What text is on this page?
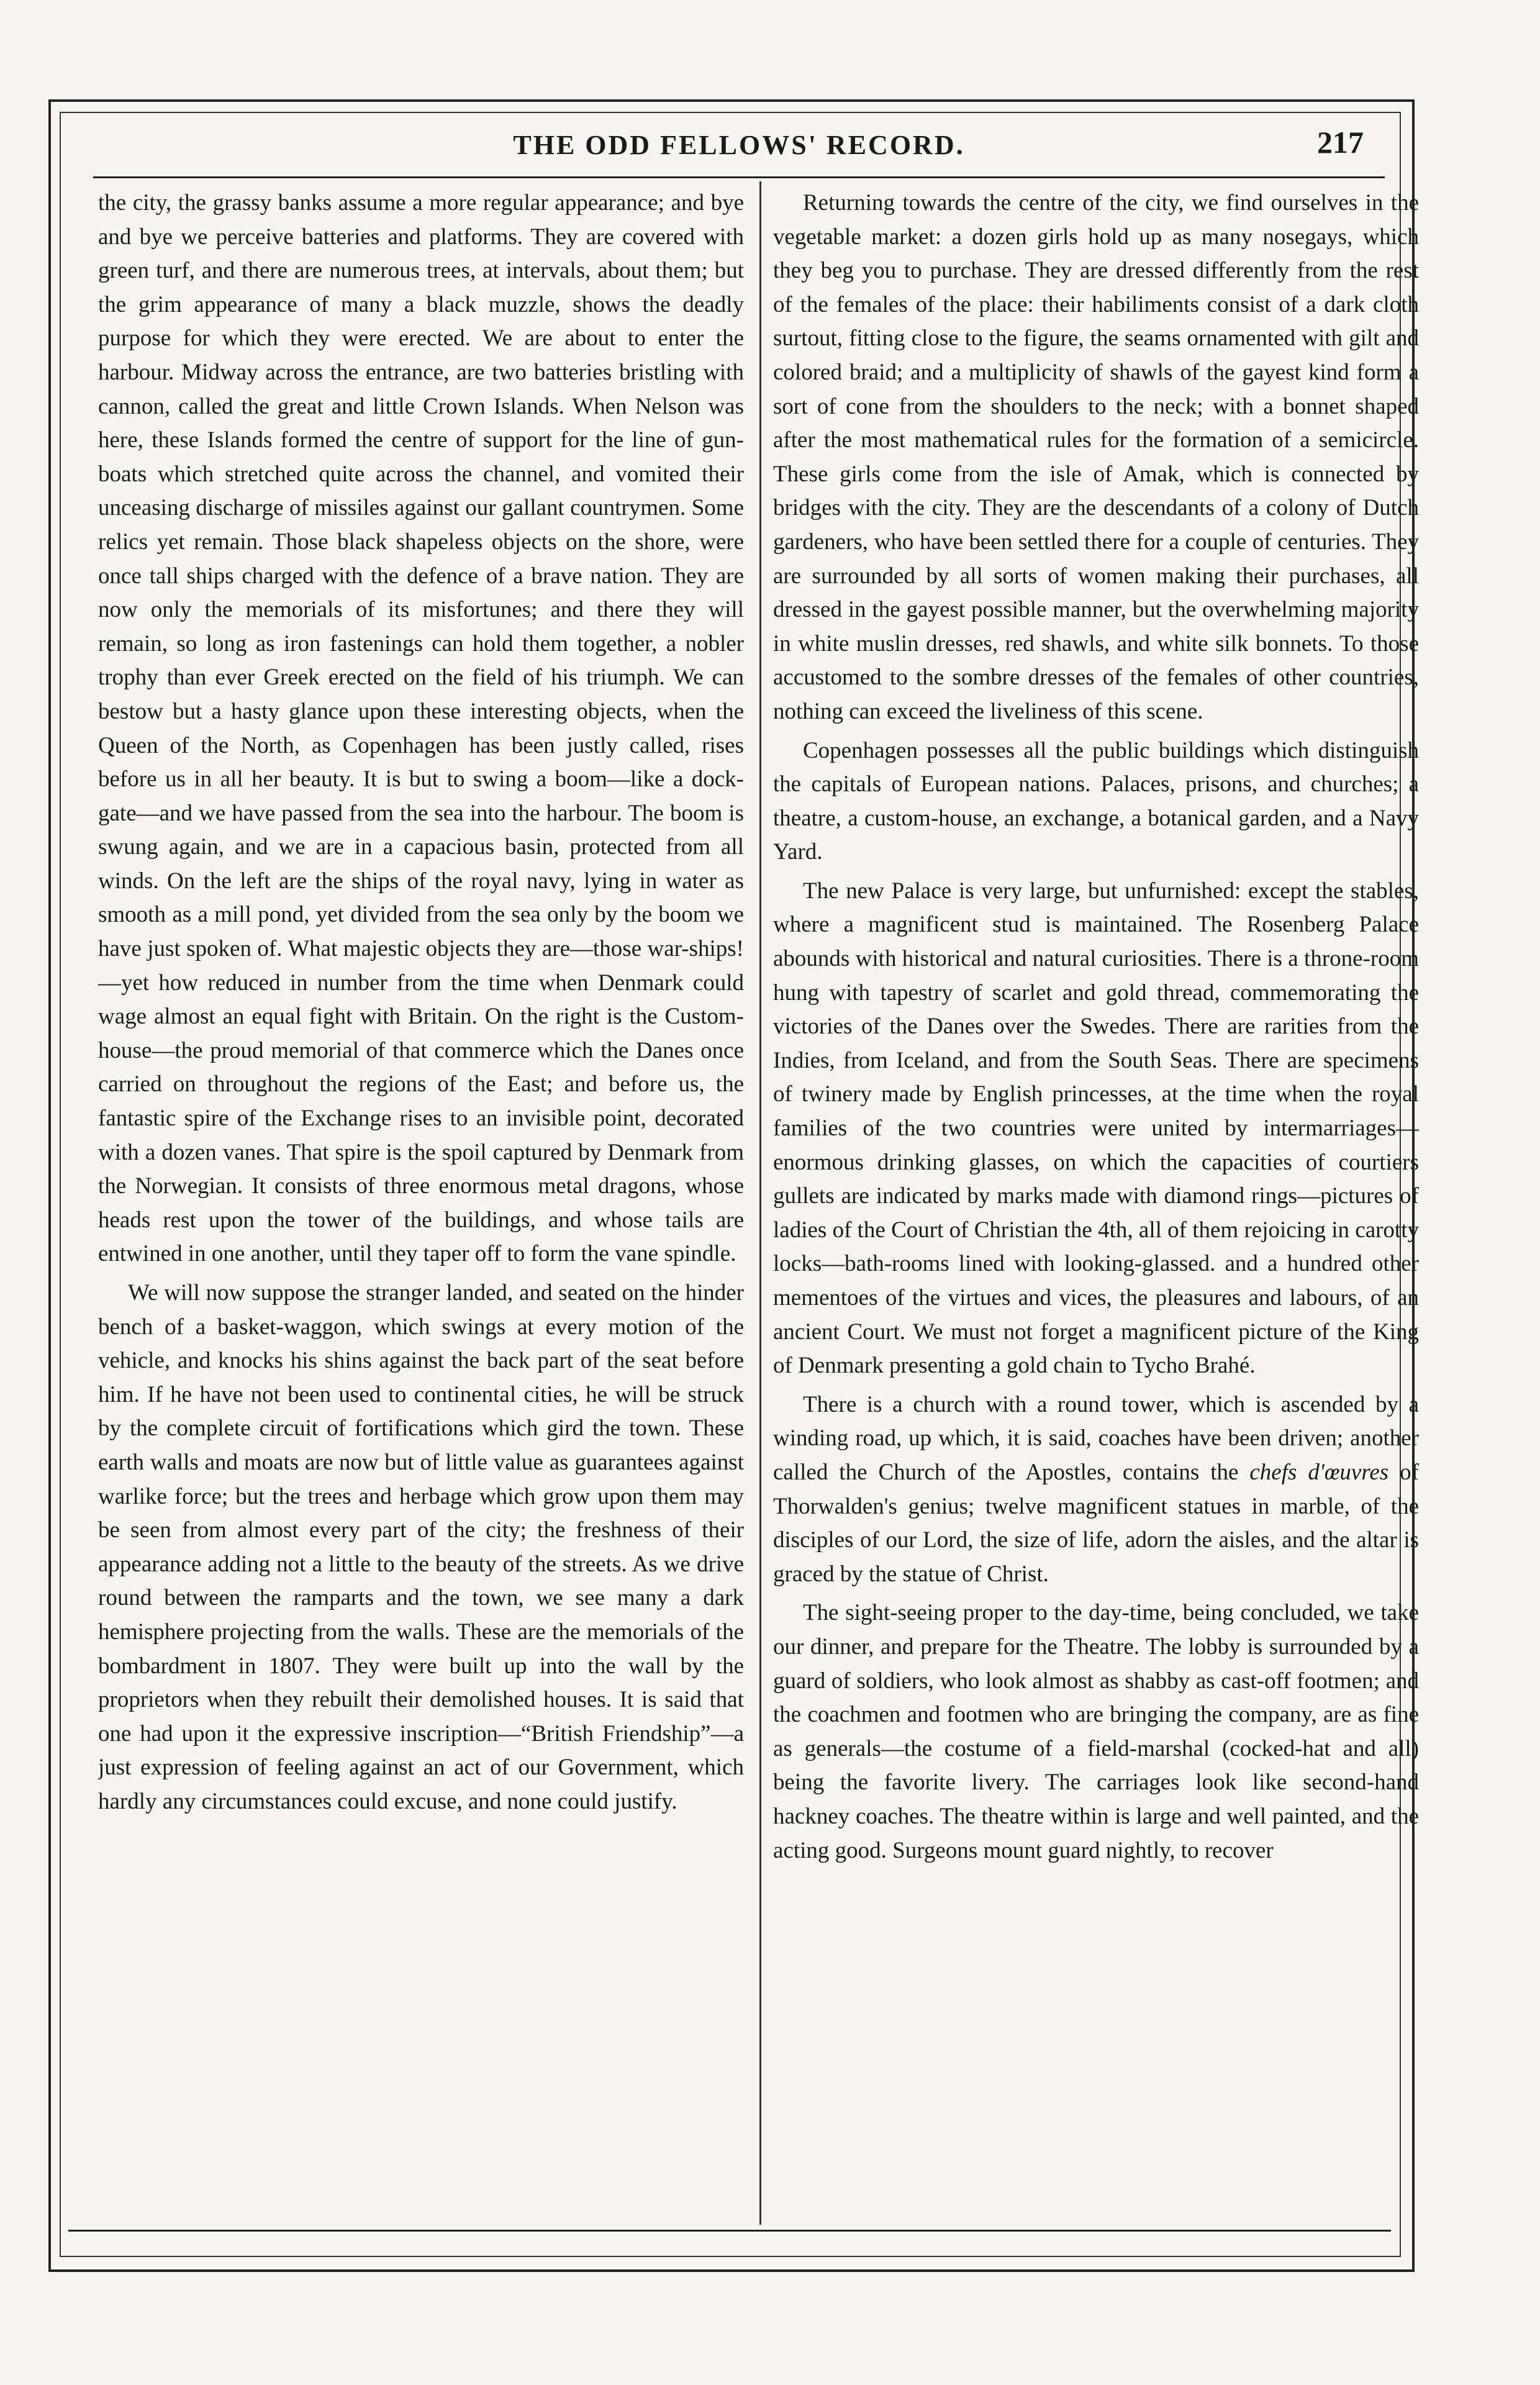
THE ODD FELLOWS' RECORD.	217

the city, the grassy banks assume a more regular appearance; and bye and bye we perceive batteries and platforms. They are covered with green turf, and there are numerous trees, at intervals, about them; but the grim appearance of many a black muzzle, shows the deadly purpose for which they were erected. We are about to enter the harbour. Midway across the entrance, are two batteries bristling with cannon, called the great and little Crown Islands. When Nelson was here, these Islands formed the centre of support for the line of gun-boats which stretched quite across the channel, and vomited their unceasing discharge of missiles against our gallant countrymen. Some relics yet remain. Those black shapeless objects on the shore, were once tall ships charged with the defence of a brave nation. They are now only the memorials of its misfortunes; and there they will remain, so long as iron fastenings can hold them together, a nobler trophy than ever Greek erected on the field of his triumph. We can bestow but a hasty glance upon these interesting objects, when the Queen of the North, as Copenhagen has been justly called, rises before us in all her beauty. It is but to swing a boom—like a dock-gate—and we have passed from the sea into the harbour. The boom is swung again, and we are in a capacious basin, protected from all winds. On the left are the ships of the royal navy, lying in water as smooth as a mill pond, yet divided from the sea only by the boom we have just spoken of. What majestic objects they are—those war-ships!—yet how reduced in number from the time when Denmark could wage almost an equal fight with Britain. On the right is the Custom-house—the proud memorial of that commerce which the Danes once carried on throughout the regions of the East; and before us, the fantastic spire of the Exchange rises to an invisible point, decorated with a dozen vanes. That spire is the spoil captured by Denmark from the Norwegian. It consists of three enormous metal dragons, whose heads rest upon the tower of the buildings, and whose tails are entwined in one another, until they taper off to form the vane spindle.

We will now suppose the stranger landed, and seated on the hinder bench of a basket-waggon, which swings at every motion of the vehicle, and knocks his shins against the back part of the seat before him. If he have not been used to continental cities, he will be struck by the complete circuit of fortifications which gird the town. These earth walls and moats are now but of little value as guarantees against warlike force; but the trees and herbage which grow upon them may be seen from almost every part of the city; the freshness of their appearance adding not a little to the beauty of the streets. As we drive round between the ramparts and the town, we see many a dark hemisphere projecting from the walls. These are the memorials of the bombardment in 1807. They were built up into the wall by the proprietors when they rebuilt their demolished houses. It is said that one had upon it the expressive inscription—“British Friendship”—a just expression of feeling against an act of our Government, which hardly any circumstances could excuse, and none could justify.

Returning towards the centre of the city, we find ourselves in the vegetable market: a dozen girls hold up as many nosegays, which they beg you to purchase. They are dressed differently from the rest of the females of the place: their habiliments consist of a dark cloth surtout, fitting close to the figure, the seams ornamented with gilt and colored braid; and a multiplicity of shawls of the gayest kind form a sort of cone from the shoulders to the neck; with a bonnet shaped after the most mathematical rules for the formation of a semicircle. These girls come from the isle of Amak, which is connected by bridges with the city. They are the descendants of a colony of Dutch gardeners, who have been settled there for a couple of centuries. They are surrounded by all sorts of women making their purchases, all dressed in the gayest possible manner, but the overwhelming majority in white muslin dresses, red shawls, and white silk bonnets. To those accustomed to the sombre dresses of the females of other countries, nothing can exceed the liveliness of this scene.

Copenhagen possesses all the public buildings which distinguish the capitals of European nations. Palaces, prisons, and churches; a theatre, a custom-house, an exchange, a botanical garden, and a Navy Yard.

The new Palace is very large, but unfurnished: except the stables, where a magnificent stud is maintained. The Rosenberg Palace abounds with historical and natural curiosities. There is a throne-room hung with tapestry of scarlet and gold thread, commemorating the victories of the Danes over the Swedes. There are rarities from the Indies, from Iceland, and from the South Seas. There are specimens of twinery made by English princesses, at the time when the royal families of the two countries were united by intermarriages—enormous drinking glasses, on which the capacities of courtiers gullets are indicated by marks made with diamond rings—pictures of ladies of the Court of Christian the 4th, all of them rejoicing in carotty locks—bath-rooms lined with looking-glassed. and a hundred other mementoes of the virtues and vices, the pleasures and labours, of an ancient Court. We must not forget a magnificent picture of the King of Denmark presenting a gold chain to Tycho Brahé.

There is a church with a round tower, which is ascended by a winding road, up which, it is said, coaches have been driven; another called the Church of the Apostles, contains the chefs d'œuvres of Thorwalden's genius; twelve magnificent statues in marble, of the disciples of our Lord, the size of life, adorn the aisles, and the altar is graced by the statue of Christ.

The sight-seeing proper to the day-time, being concluded, we take our dinner, and prepare for the Theatre. The lobby is surrounded by a guard of soldiers, who look almost as shabby as cast-off footmen; and the coachmen and footmen who are bringing the company, are as fine as generals—the costume of a field-marshal (cocked-hat and all) being the favorite livery. The carriages look like second-hand hackney coaches. The theatre within is large and well painted, and the acting good. Surgeons mount guard nightly, to recover
